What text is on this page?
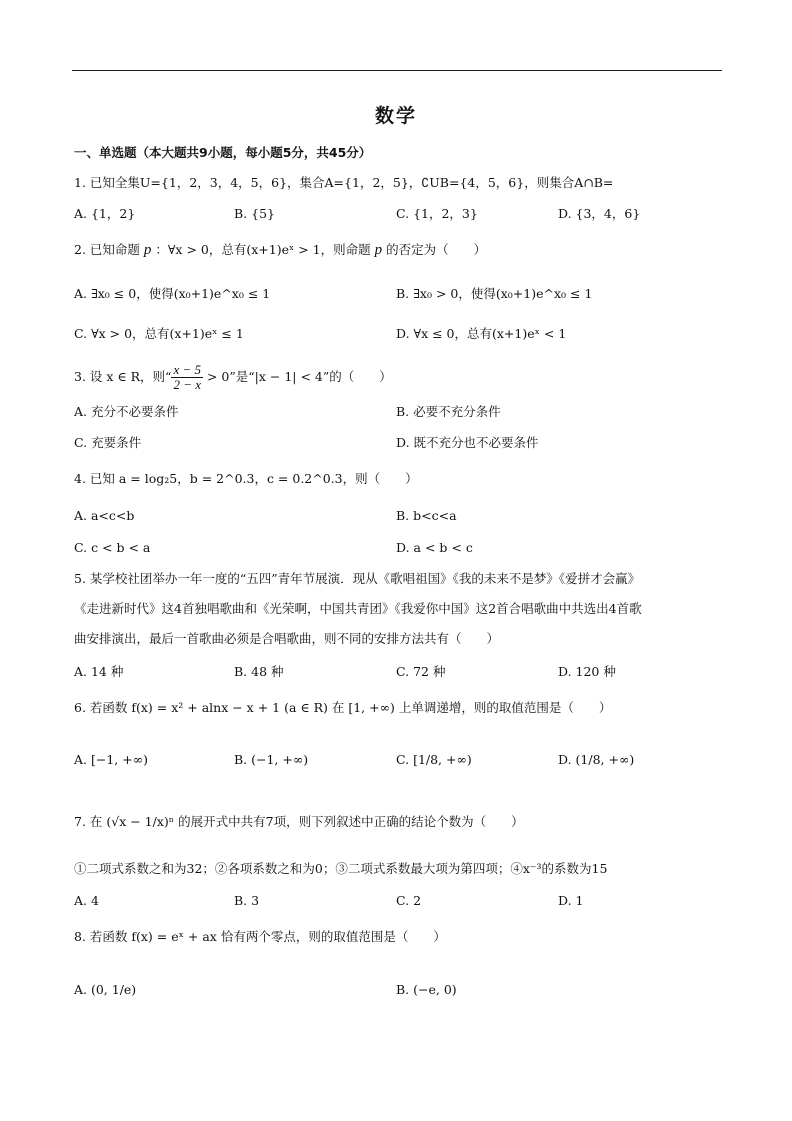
数学
一、单选题（本大题共9小题，每小题5分，共45分）
1. 已知全集U={1，2，3，4，5，6}，集合A={1，2，5}，∁UB={4，5，6}，则集合A∩B=
A. {1，2}	B. {5}	C. {1，2，3}	D. {3，4，6}
2. 已知命题 p ：∀x > 0，总有(x+1)eˣ > 1，则命题 p 的否定为（　　）
A. ∃x₀ ≤ 0，使得(x₀+1)e^x₀ ≤ 1	B. ∃x₀ > 0，使得(x₀+1)e^x₀ ≤ 1
C. ∀x > 0，总有(x+1)eˣ ≤ 1	D. ∀x ≤ 0，总有(x+1)eˣ < 1
3. 设 x ∈ R，则“ $\frac{x - 5}{2 - x} > 0$”是“|x − 1| < 4”的（　　）
A. 充分不必要条件	B. 必要不充分条件
C. 充要条件	D. 既不充分也不必要条件
4. 已知 a = log₂5，b = 2^0.3，c = 0.2^0.3，则（　　）
A. a<c<b	B. b<c<a
C. c < b < a	D. a < b < c
5. 某学校社团举办一年一度的“五四”青年节展演．现从《歌唱祖国》《我的未来不是梦》《爱拼才会赢》
《走进新时代》这4首独唱歌曲和《光荣啊，中国共青团》《我爱你中国》这2首合唱歌曲中共选出4首歌
曲安排演出，最后一首歌曲必须是合唱歌曲，则不同的安排方法共有（　　）
A. 14 种	B. 48 种	C. 72 种	D. 120 种
6. 若函数 f(x) = x² + alnx − x + 1 (a ∈ R) 在 [1, +∞) 上单调递增，则的取值范围是（　　）
A. [−1, +∞)	B. (−1, +∞)	C. [1/8, +∞)	D. (1/8, +∞)
7. 在 (√x − 1/x)ⁿ 的展开式中共有7项，则下列叙述中正确的结论个数为（　　）
①二项式系数之和为32；②各项系数之和为0；③二项式系数最大项为第四项；④x⁻³的系数为15
A. 4	B. 3	C. 2	D. 1
8. 若函数 f(x) = eˣ + ax 恰有两个零点，则的取值范围是（　　）
A. (0, 1/e)	B. (−e, 0)
